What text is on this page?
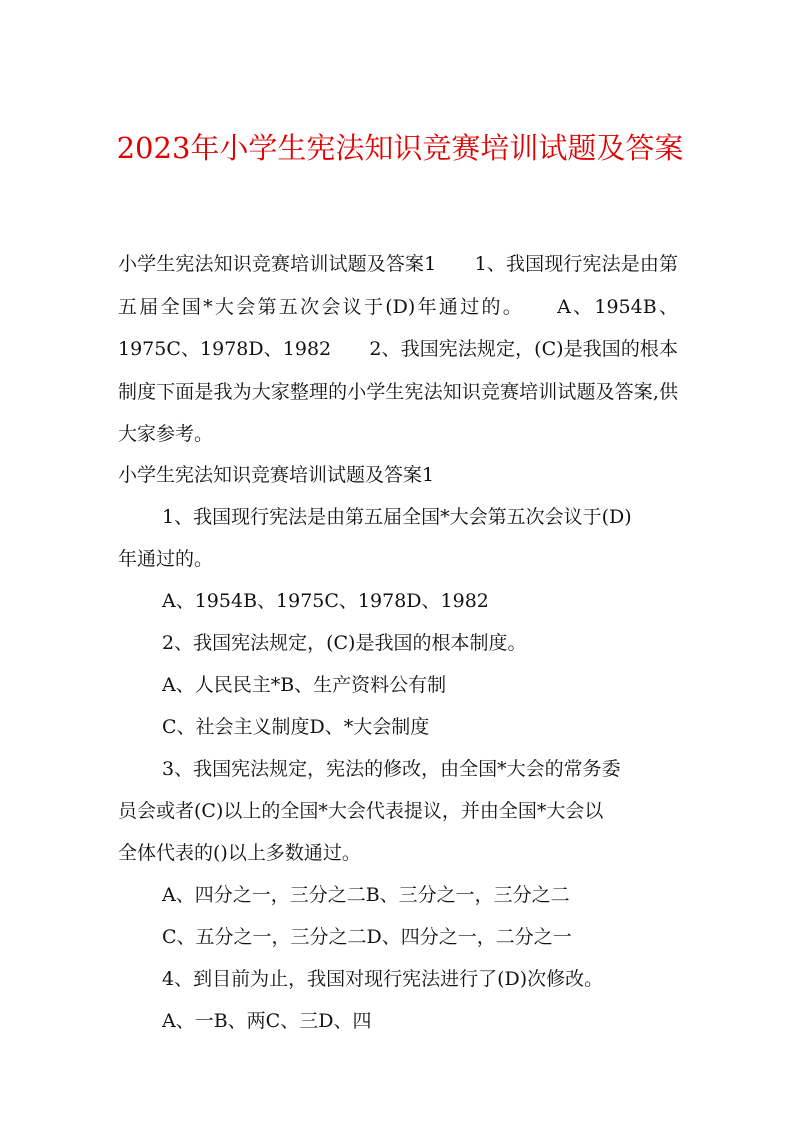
2023年小学生宪法知识竞赛培训试题及答案

小学生宪法知识竞赛培训试题及答案1　　1、我国现行宪法是由第五届全国*大会第五次会议于(D)年通过的。　　A、1954B、1975C、1978D、1982　　2、我国宪法规定，(C)是我国的根本制度下面是我为大家整理的小学生宪法知识竞赛培训试题及答案,供大家参考。

小学生宪法知识竞赛培训试题及答案1

1、我国现行宪法是由第五届全国*大会第五次会议于(D)

年通过的。

A、1954B、1975C、1978D、1982

2、我国宪法规定，(C)是我国的根本制度。

A、人民民主*B、生产资料公有制

C、社会主义制度D、*大会制度

3、我国宪法规定，宪法的修改，由全国*大会的常务委

员会或者(C)以上的全国*大会代表提议，并由全国*大会以

全体代表的()以上多数通过。

A、四分之一，三分之二B、三分之一，三分之二

C、五分之一，三分之二D、四分之一，二分之一

4、到目前为止，我国对现行宪法进行了(D)次修改。

A、一B、两C、三D、四
